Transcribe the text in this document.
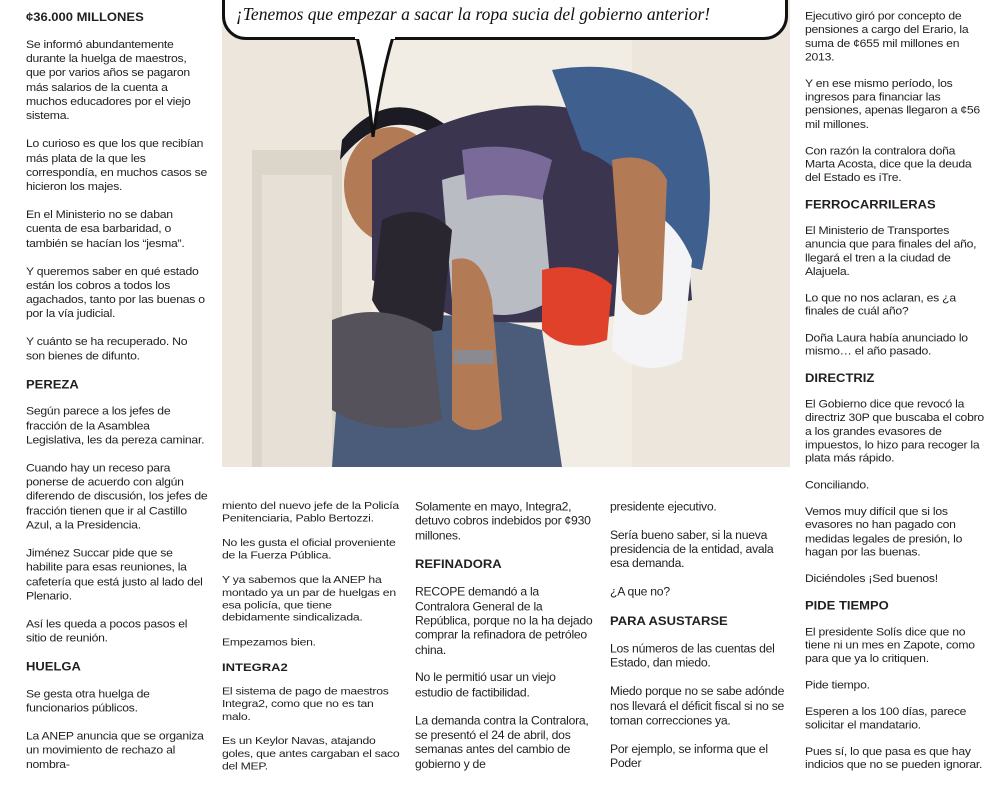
¢36.000 MILLONES

Se informó abundantemente durante la huelga de maestros, que por varios años se pagaron más salarios de la cuenta a muchos educadores por el viejo sistema.

Lo curioso es que los que recibían más plata de la que les correspondía, en muchos casos se hicieron los majes.

En el Ministerio no se daban cuenta de esa barbaridad, o también se hacían los “jesma”.

Y queremos saber en qué estado están los cobros a todos los agachados, tanto por las buenas o por la vía judicial.

Y cuánto se ha recuperado. No son bienes de difunto.

PEREZA

Según parece a los jefes de fracción de la Asamblea Legislativa, les da pereza caminar.

Cuando hay un receso para ponerse de acuerdo con algún diferendo de discusión, los jefes de fracción tienen que ir al Castillo Azul, a la Presidencia.

Jiménez Succar pide que se habilite para esas reuniones, la cafetería que está justo al lado del Plenario.

Así les queda a pocos pasos el sitio de reunión.

HUELGA

Se gesta otra huelga de funcionarios públicos.

La ANEP anuncia que se organiza un movimiento de rechazo al nombra-

¡Tenemos que empezar a sacar la ropa sucia del gobierno anterior!

miento del nuevo jefe de la Policía Penitenciaria, Pablo Bertozzi.

No les gusta el oficial proveniente de la Fuerza Pública.

Y ya sabemos que la ANEP ha montado ya un par de huelgas en esa policía, que tiene debidamente sindicalizada.

Empezamos bien.

INTEGRA2

El sistema de pago de maestros Integra2, como que no es tan malo.

Es un Keylor Navas, atajando goles, que antes cargaban el saco del MEP.

Solamente en mayo, Integra2, detuvo cobros indebidos por ¢930 millones.

REFINADORA

RECOPE demandó a la Contralora General de la República, porque no la ha dejado comprar la refinadora de petróleo china.

No le permitió usar un viejo estudio de factibilidad.

La demanda contra la Contralora, se presentó el 24 de abril, dos semanas antes del cambio de gobierno y de

presidente ejecutivo.

Sería bueno saber, si la nueva presidencia de la entidad, avala esa demanda.

¿A que no?

PARA ASUSTARSE

Los números de las cuentas del Estado, dan miedo.

Miedo porque no se sabe adónde nos llevará el déficit fiscal si no se toman correcciones ya.

Por ejemplo, se informa que el Poder

Ejecutivo giró por concepto de pensiones a cargo del Erario, la suma de ¢655 mil millones en 2013.

Y en ese mismo período, los ingresos para financiar las pensiones, apenas llegaron a ¢56 mil millones.

Con razón la contralora doña Marta Acosta, dice que la deuda del Estado es iTre.

FERROCARRILERAS

El Ministerio de Transportes anuncia que para finales del año, llegará el tren a la ciudad de Alajuela.

Lo que no nos aclaran, es ¿a finales de cuál año?

Doña Laura había anunciado lo mismo… el año pasado.

DIRECTRIZ

El Gobierno dice que revocó la directriz 30P que buscaba el cobro a los grandes evasores de impuestos, lo hizo para recoger la plata más rápido.

Conciliando.

Vemos muy difícil que si los evasores no han pagado con medidas legales de presión, lo hagan por las buenas.

Diciéndoles ¡Sed buenos!

PIDE TIEMPO

El presidente Solís dice que no tiene ni un mes en Zapote, como para que ya lo critiquen.

Pide tiempo.

Esperen a los 100 días, parece solicitar el mandatario.

Pues sí, lo que pasa es que hay indicios que no se pueden ignorar.
